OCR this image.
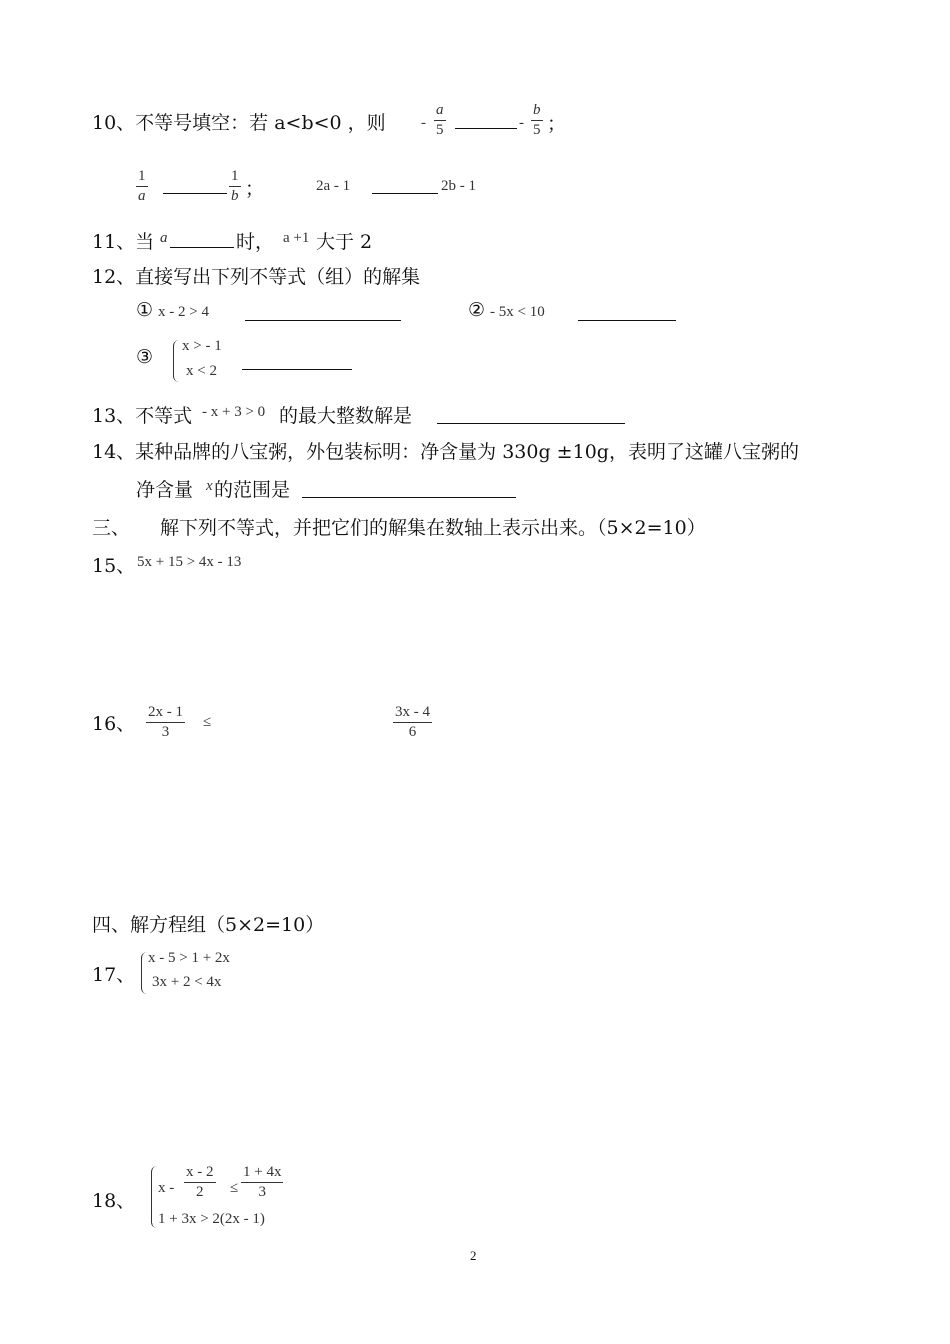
10、不等号填空：若 a<b<0 ，则 -
a
5	-
b
5 ；
1
a
1
b ；	2a - 1	2b - 1
11、当 a	时， a +1 大于 2
12、直接写出下列不等式（组）的解集
① x - 2 > 4	② - 5x < 10
③ x > - 1
x < 2
13、不等式 - x + 3 > 0 的最大整数解是
14、某种品牌的八宝粥，外包装标明：净含量为 330g ±10g，表明了这罐八宝粥的
净含量 x 的范围是
三、 解下列不等式，并把它们的解集在数轴上表示出来。（5×2=10）
15、 5x + 15 > 4x - 13
16、
2x - 1
3
≤
3x - 4
6
四、解方程组（5×2=10）
17、
x - 5 > 1 + 2x
3x + 2 < 4x
18、
x -
x - 2
2	≤
1 + 4x
3
1 + 3x > 2(2x - 1)
2
